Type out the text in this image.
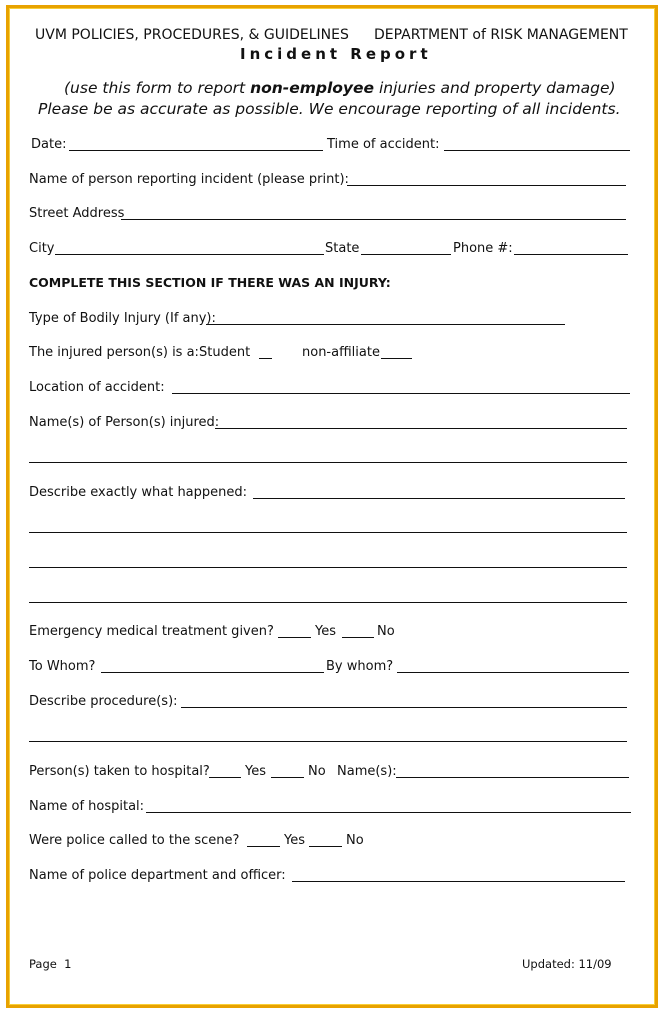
UVM POLICIES, PROCEDURES, & GUIDELINES DEPARTMENT of RISK MANAGEMENT
Incident Report
(use this form to report non-employee injuries and property damage)
Please be as accurate as possible. We encourage reporting of all incidents.
Date:	Time of accident:
Name of person reporting incident (please print):
Street Address
City	State	Phone #:
COMPLETE THIS SECTION IF THERE WAS AN INJURY:
Type of Bodily Injury (If any):
The injured person(s) is a: Student	non-affiliate
Location of accident:
Name(s) of Person(s) injured:
Describe exactly what happened:
Emergency medical treatment given?	Yes	No
To Whom?	By whom?
Describe procedure(s):
Person(s) taken to hospital?	Yes	No Name(s):
Name of hospital:
Were police called to the scene?	Yes	No
Name of police department and officer:
Page  1	Updated: 11/09
